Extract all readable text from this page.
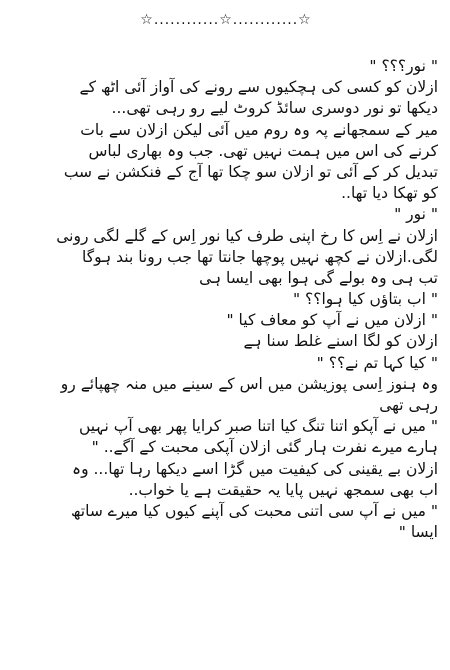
☆............☆............☆
" نور؟؟؟ "
ازلان کو کسی کی ہچکیوں سے رونے کی آواز آئی اٹھ کے
دیکھا تو نور دوسری سائڈ کروٹ لیے رو رہی تھی...
میر کے سمجھانے پہ وہ روم میں آئی لیکن ازلان سے بات
کرنے کی اس میں ہمت نہیں تھی. جب وہ بھاری لباس
تبدیل کر کے آئی تو ازلان سو چکا تھا آج کے فنکشن نے سب
کو تھکا دیا تھا..
" نور "
ازلان نے اِس کا رخ اپنی طرف کیا نور اِس کے گلے لگی رونی
لگی.ازلان نے کچھ نہیں پوچھا جانتا تھا جب رونا بند ہوگا
تب ہی وہ بولے گی ہوا بھی ایسا ہی
" اب بتاؤں کیا ہوا؟؟ "
" ازلان میں نے آپ کو معاف کیا "
ازلان کو لگا اسنے غلط سنا ہے
" کیا کہا تم نے؟؟ "
وہ ہنوز اِسی پوزیشن میں اس کے سینے میں منہ چھپائے رو
رہی تھی
" میں نے آپکو اتنا تنگ کیا اتنا صبر کرایا پھر بھی آپ نہیں
ہارے میرے نفرت ہار گئی ازلان آپکی محبت کے آگے.. "
ازلان بے یقینی کی کیفیت میں گڑا اسے دیکھا رہا تھا... وہ
اب بھی سمجھ نہیں پایا یہ حقیقت ہے یا خواب..
" میں نے آپ سی اتنی محبت کی آپنے کیوں کیا میرے ساتھ
ایسا "
